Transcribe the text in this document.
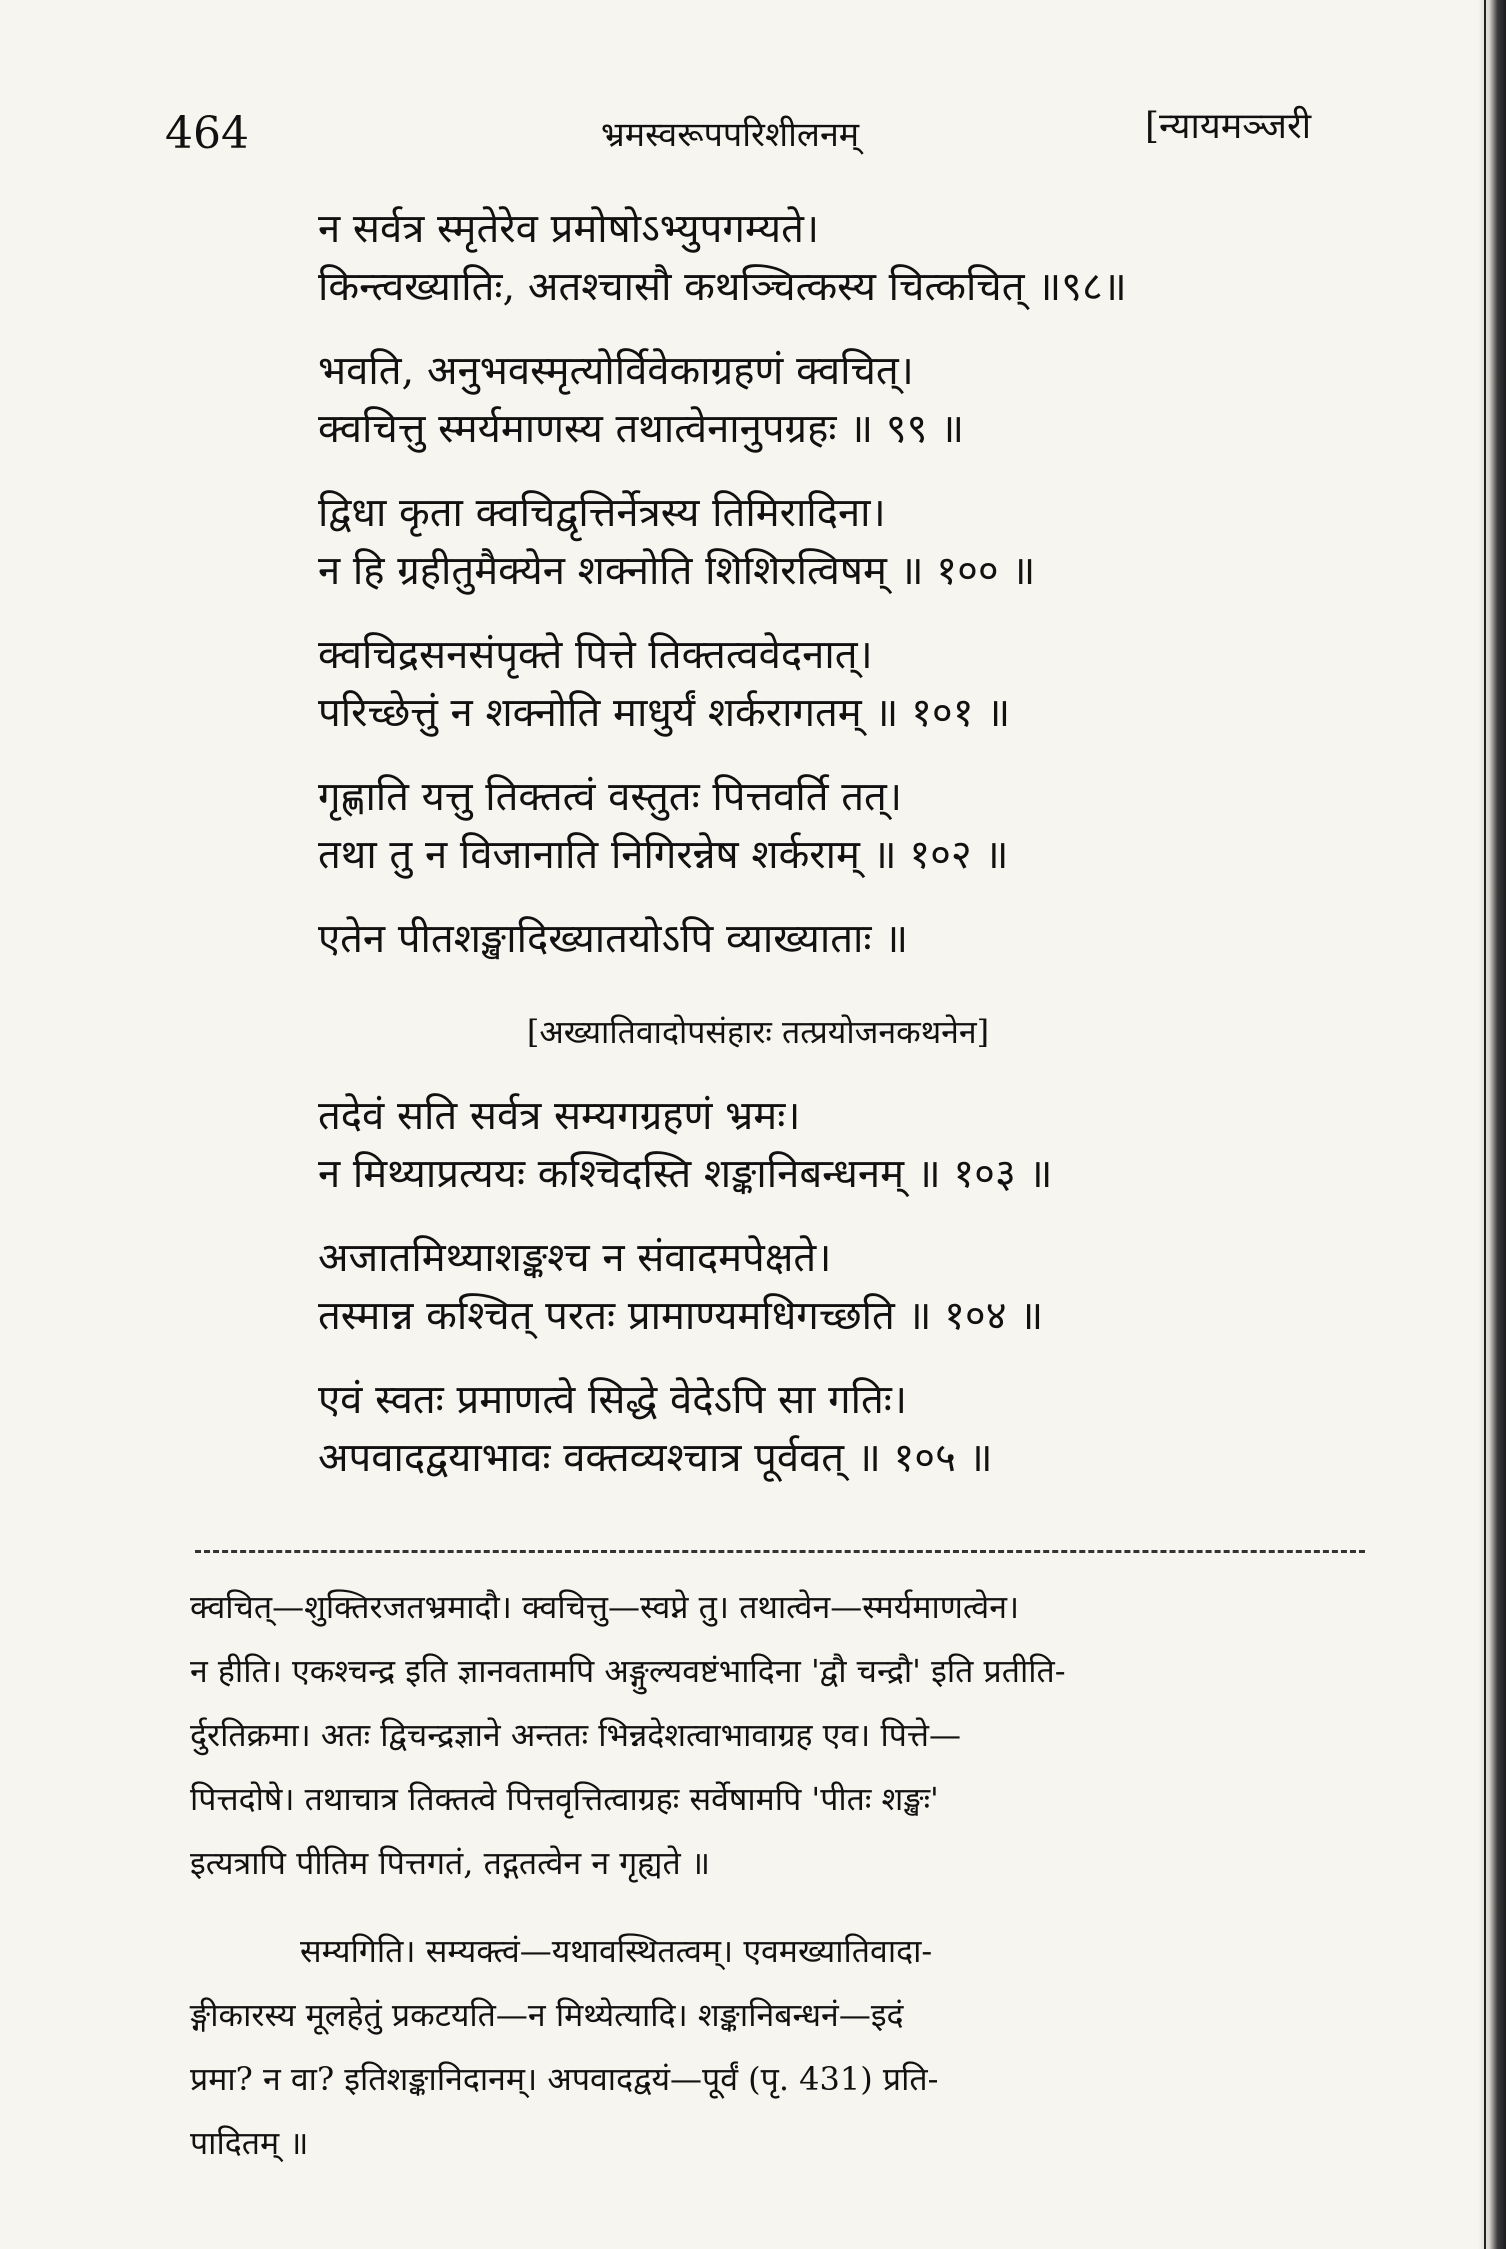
464	भ्रमस्वरूपपरिशीलनम्	[न्यायमञ्जरी
न सर्वत्र स्मृतेरेव प्रमोषोऽभ्युपगम्यते।
किन्त्वख्यातिः, अतश्चासौ कथञ्चित्कस्य चित्कचित् ॥९८॥
भवति, अनुभवस्मृत्योर्विवेकाग्रहणं क्वचित्।
क्वचित्तु स्मर्यमाणस्य तथात्वेनानुपग्रहः ॥ ९९ ॥
द्विधा कृता क्वचिद्वृत्तिर्नेत्रस्य तिमिरादिना।
न हि ग्रहीतुमैक्येन शक्नोति शिशिरत्विषम् ॥ १०० ॥
क्वचिद्रसनसंपृक्ते पित्ते तिक्तत्ववेदनात्।
परिच्छेत्तुं न शक्नोति माधुर्यं शर्करागतम् ॥ १०१ ॥
गृह्णाति यत्तु तिक्तत्वं वस्तुतः पित्तवर्ति तत्।
तथा तु न विजानाति निगिरन्नेष शर्कराम् ॥ १०२ ॥
एतेन पीतशङ्खादिख्यातयोऽपि व्याख्याताः ॥
[अख्यातिवादोपसंहारः तत्प्रयोजनकथनेन]
तदेवं सति सर्वत्र सम्यगग्रहणं भ्रमः।
न मिथ्याप्रत्ययः कश्चिदस्ति शङ्कानिबन्धनम् ॥ १०३ ॥
अजातमिथ्याशङ्कश्च न संवादमपेक्षते।
तस्मान्न कश्चित् परतः प्रामाण्यमधिगच्छति ॥ १०४ ॥
एवं स्वतः प्रमाणत्वे सिद्धे वेदेऽपि सा गतिः।
अपवादद्वयाभावः वक्तव्यश्चात्र पूर्ववत् ॥ १०५ ॥
क्वचित्—शुक्तिरजतभ्रमादौ। क्वचित्तु—स्वप्ने तु। तथात्वेन—स्मर्यमाणत्वेन।
न हीति। एकश्चन्द्र इति ज्ञानवतामपि अङ्गुल्यवष्टंभादिना 'द्वौ चन्द्रौ' इति प्रतीति-
र्दुरतिक्रमा। अतः द्विचन्द्रज्ञाने अन्ततः भिन्नदेशत्वाभावाग्रह एव। पित्ते—
पित्तदोषे। तथाचात्र तिक्तत्वे पित्तवृत्तित्वाग्रहः सर्वेषामपि 'पीतः शङ्खः'
इत्यत्रापि पीतिम पित्तगतं, तद्गतत्वेन न गृह्यते ॥
सम्यगिति। सम्यक्त्वं—यथावस्थितत्वम्। एवमख्यातिवादा-
ङ्गीकारस्य मूलहेतुं प्रकटयति—न मिथ्येत्यादि। शङ्कानिबन्धनं—इदं
प्रमा? न वा? इतिशङ्कानिदानम्। अपवादद्वयं—पूर्वं (पृ. 431) प्रति-
पादितम् ॥
